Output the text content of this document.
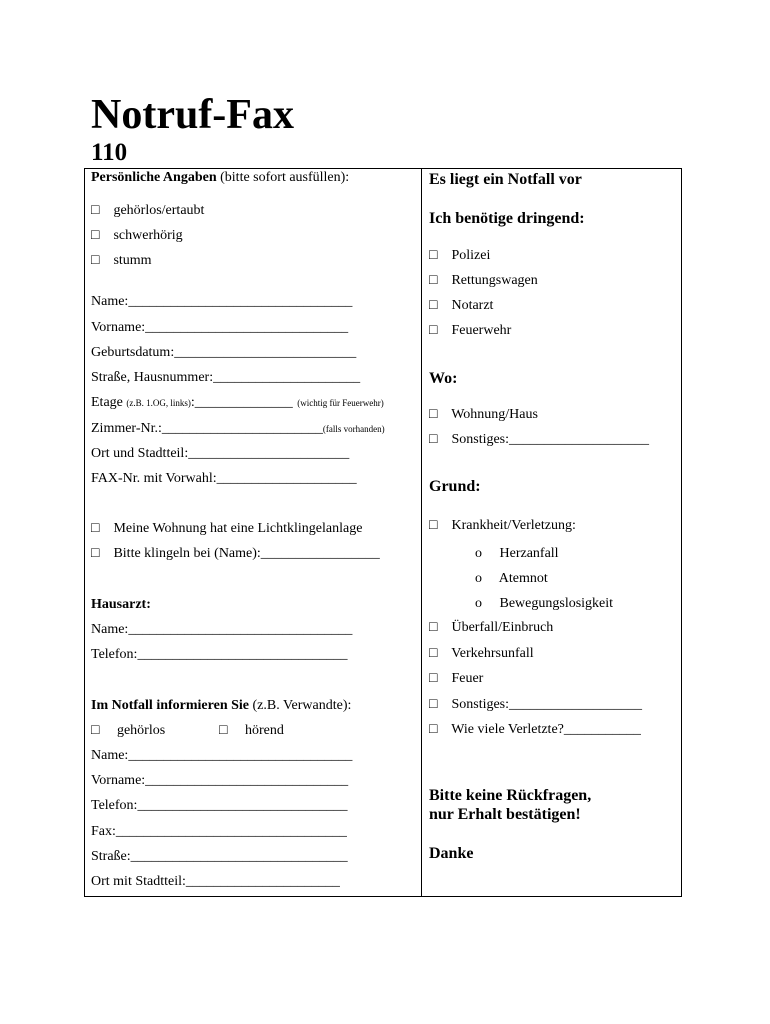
Notruf-Fax
110
Persönliche Angaben (bitte sofort ausfüllen):
□    gehörlos/ertaubt
□    schwerhörig
□    stumm
Name:________________________________
Vorname:_____________________________
Geburtsdatum:__________________________
Straße, Hausnummer:_____________________
Etage (z.B. 1.OG, links):______________  (wichtig für Feuerwehr)
Zimmer-Nr.:_______________________(falls vorhanden)
Ort und Stadtteil:_______________________
FAX-Nr. mit Vorwahl:____________________
□    Meine Wohnung hat eine Lichtklingelanlage
□    Bitte klingeln bei (Name):_________________
Hausarzt:
Name:________________________________
Telefon:______________________________
Im Notfall informieren Sie (z.B. Verwandte):
□     gehörlos	□     hörend
Name:________________________________
Vorname:_____________________________
Telefon:______________________________
Fax:_________________________________
Straße:_______________________________
Ort mit Stadtteil:______________________
Es liegt ein Notfall vor
Ich benötige dringend:
□    Polizei
□    Rettungswagen
□    Notarzt
□    Feuerwehr
Wo:
□    Wohnung/Haus
□    Sonstiges:____________________
Grund:
□    Krankheit/Verletzung:
o     Herzanfall
o     Atemnot
o     Bewegungslosigkeit
□    Überfall/Einbruch
□    Verkehrsunfall
□    Feuer
□    Sonstiges:___________________
□    Wie viele Verletzte?___________
Bitte keine Rückfragen,
nur Erhalt bestätigen!
Danke
